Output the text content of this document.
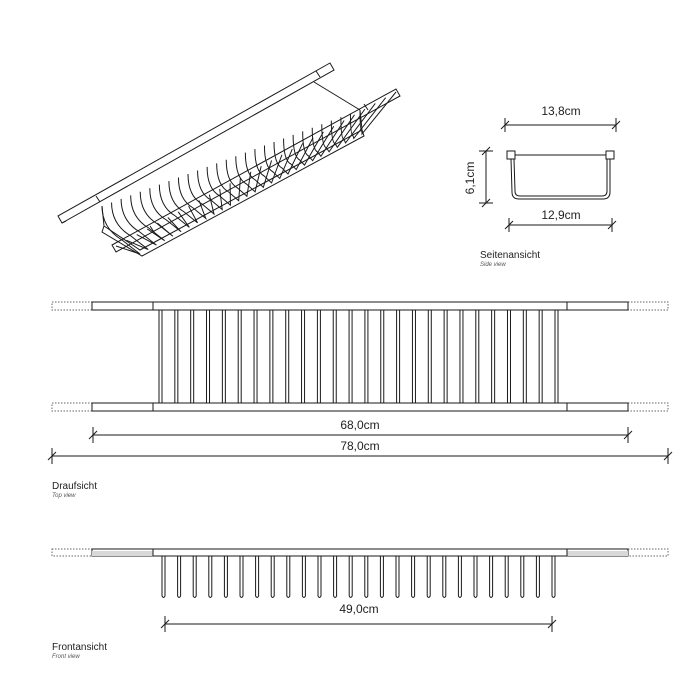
13,8cm
6,1cm
12,9cm
Seitenansicht
Side view
68,0cm
78,0cm
Draufsicht
Top view
49,0cm
Frontansicht
Front view
